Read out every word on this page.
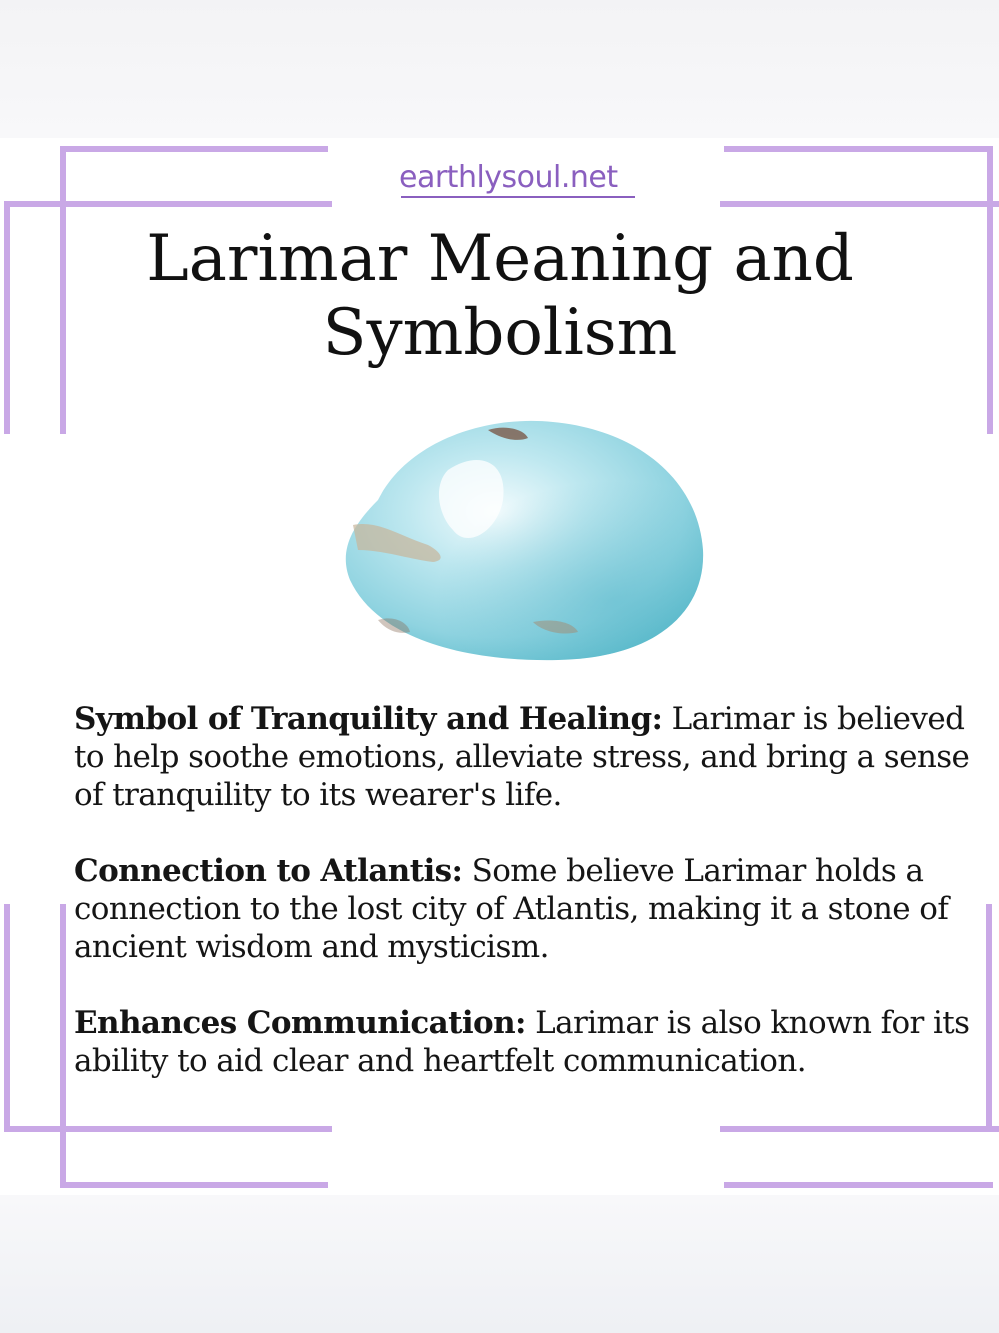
earthlysoul.net
Larimar Meaning and
Symbolism

Symbol of Tranquility and Healing: Larimar is believed to help soothe emotions, alleviate stress, and bring a sense of tranquility to its wearer's life.

Connection to Atlantis: Some believe Larimar holds a connection to the lost city of Atlantis, making it a stone of ancient wisdom and mysticism.

Enhances Communication: Larimar is also known for its ability to aid clear and heartfelt communication.
